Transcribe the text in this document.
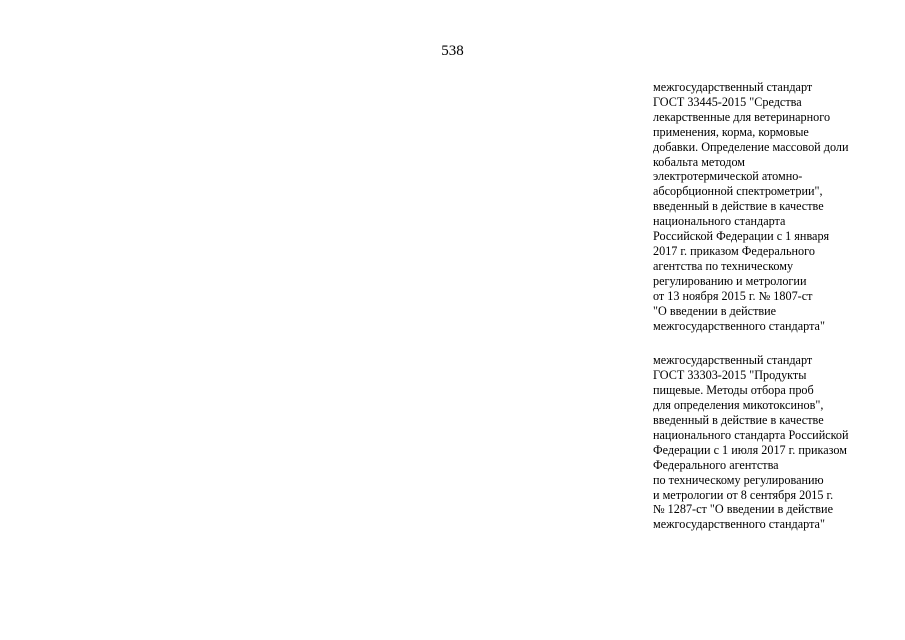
538
межгосударственный стандарт
ГОСТ 33445-2015 "Средства
лекарственные для ветеринарного
применения, корма, кормовые
добавки. Определение массовой доли
кобальта методом
электротермической атомно-
абсорбционной спектрометрии",
введенный в действие в качестве
национального стандарта
Российской Федерации с 1 января
2017 г. приказом Федерального
агентства по техническому
регулированию и метрологии
от 13 ноября 2015 г. № 1807-ст
"О введении в действие
межгосударственного стандарта"
межгосударственный стандарт
ГОСТ 33303-2015 "Продукты
пищевые. Методы отбора проб
для определения микотоксинов",
введенный в действие в качестве
национального стандарта Российской
Федерации с 1 июля 2017 г. приказом
Федерального агентства
по техническому регулированию
и метрологии от 8 сентября 2015 г.
№ 1287-ст "О введении в действие
межгосударственного стандарта"
